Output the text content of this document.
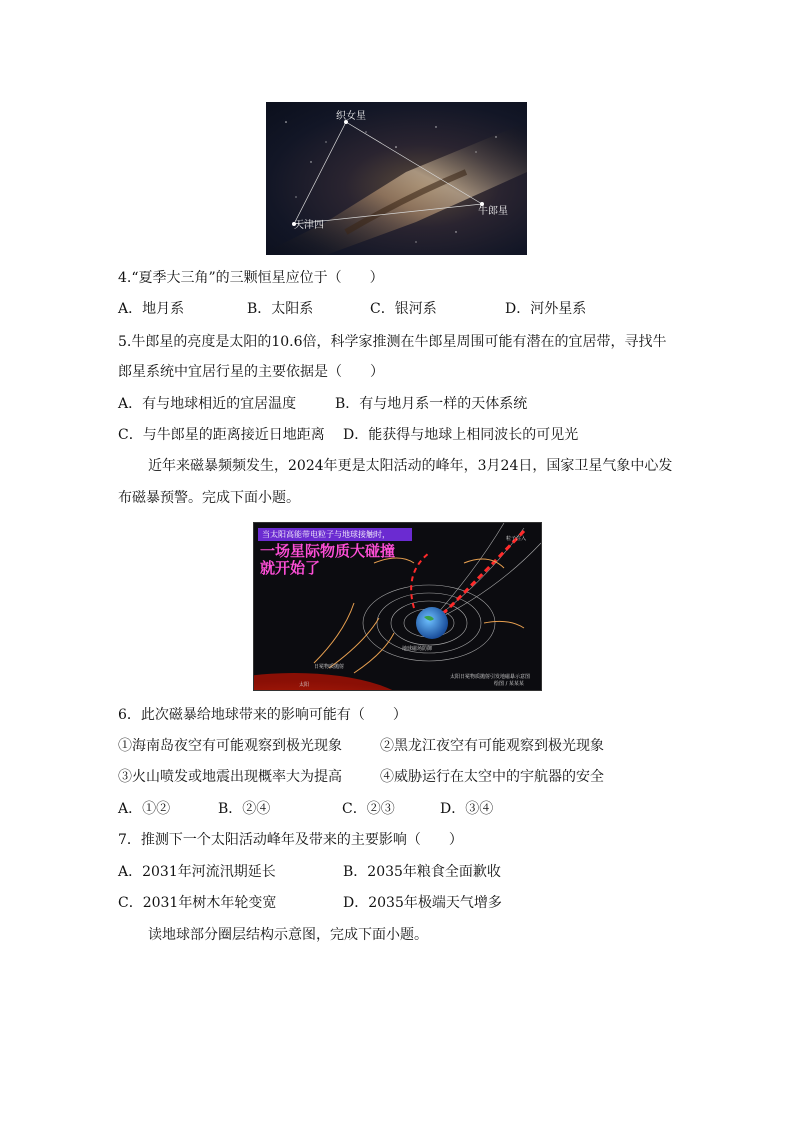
织女星
牛郎星
天津四
4.“夏季大三角”的三颗恒星应位于（　　）
A．地月系	B．太阳系	C．银河系	D．河外星系
5.牛郎星的亮度是太阳的10.6倍，科学家推测在牛郎星周围可能有潜在的宜居带，寻找牛
郎星系统中宜居行星的主要依据是（　　）
A．有与地球相近的宜居温度	B．有与地月系一样的天体系统
C．与牛郎星的距离接近日地距离 D．能获得与地球上相同波长的可见光
近年来磁暴频频发生，2024年更是太阳活动的峰年，3月24日，国家卫星气象中心发
布磁暴预警。完成下面小题。
当太阳高能带电粒子与地球接触时，
一场星际物质大碰撞
就开始了
粒子注入
地球磁场防御
日冕物质抛射
太阳
太阳日冕物质抛射引发地磁暴示意图
绘图 / 某某某
6．此次磁暴给地球带来的影响可能有（　　）
①海南岛夜空有可能观察到极光现象	②黑龙江夜空有可能观察到极光现象
③火山喷发或地震出现概率大为提高	④威胁运行在太空中的宇航器的安全
A．①②	B．②④	C．②③	D．③④
7．推测下一个太阳活动峰年及带来的主要影响（　　）
A．2031年河流汛期延长	B．2035年粮食全面歉收
C．2031年树木年轮变宽	D．2035年极端天气增多
读地球部分圈层结构示意图，完成下面小题。
